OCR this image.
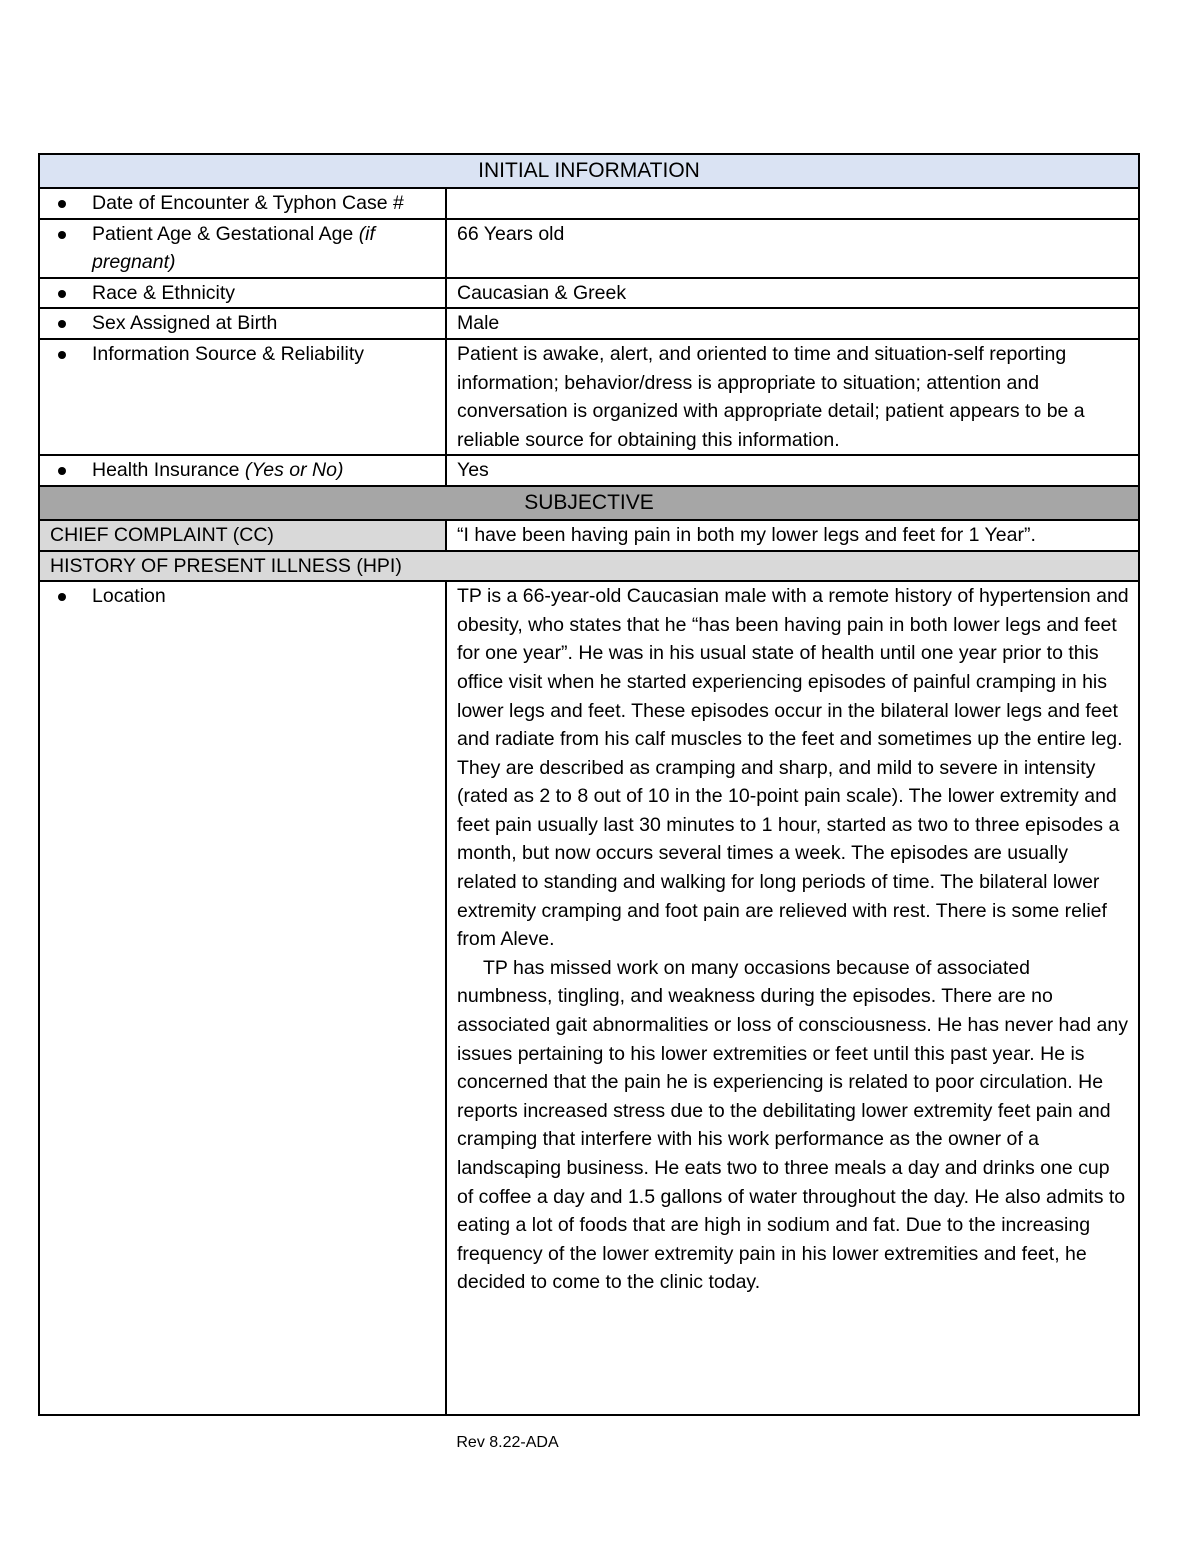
INITIAL INFORMATION	

Date of Encounter & Typhon Case #	

Patient Age & Gestational Age (if pregnant)	66 Years old

Race & Ethnicity	Caucasian & Greek

Sex Assigned at Birth	Male

Information Source & Reliability	Patient is awake, alert, and oriented to time and situation-self reporting information; behavior/dress is appropriate to situation; attention and conversation is organized with appropriate detail; patient appears to be a reliable source for obtaining this information.

Health Insurance (Yes or No)	Yes
SUBJECTIVE	
CHIEF COMPLAINT (CC)	“I have been having pain in both my lower legs and feet for 1 Year”.
HISTORY OF PRESENT ILLNESS (HPI)	

Location	TP is a 66-year-old Caucasian male with a remote history of hypertension and obesity, who states that he “has been having pain in both lower legs and feet for one year”. He was in his usual state of health until one year prior to this office visit when he started experiencing episodes of painful cramping in his lower legs and feet. These episodes occur in the bilateral lower legs and feet and radiate from his calf muscles to the feet and sometimes up the entire leg. They are described as cramping and sharp, and mild to severe in intensity (rated as 2 to 8 out of 10 in the 10-point pain scale). The lower extremity and feet pain usually last 30 minutes to 1 hour, started as two to three episodes a month, but now occurs several times a week. The episodes are usually related to standing and walking for long periods of time. The bilateral lower extremity cramping and foot pain are relieved with rest. There is some relief from Aleve.

TP has missed work on many occasions because of associated numbness, tingling, and weakness during the episodes. There are no associated gait abnormalities or loss of consciousness. He has never had any issues pertaining to his lower extremities or feet until this past year. He is concerned that the pain he is experiencing is related to poor circulation. He reports increased stress due to the debilitating lower extremity feet pain and cramping that interfere with his work performance as the owner of a landscaping business. He eats two to three meals a day and drinks one cup of coffee a day and 1.5 gallons of water throughout the day. He also admits to eating a lot of foods that are high in sodium and fat. Due to the increasing frequency of the lower extremity pain in his lower extremities and feet, he decided to come to the clinic today.

Rev 8.22-ADA
